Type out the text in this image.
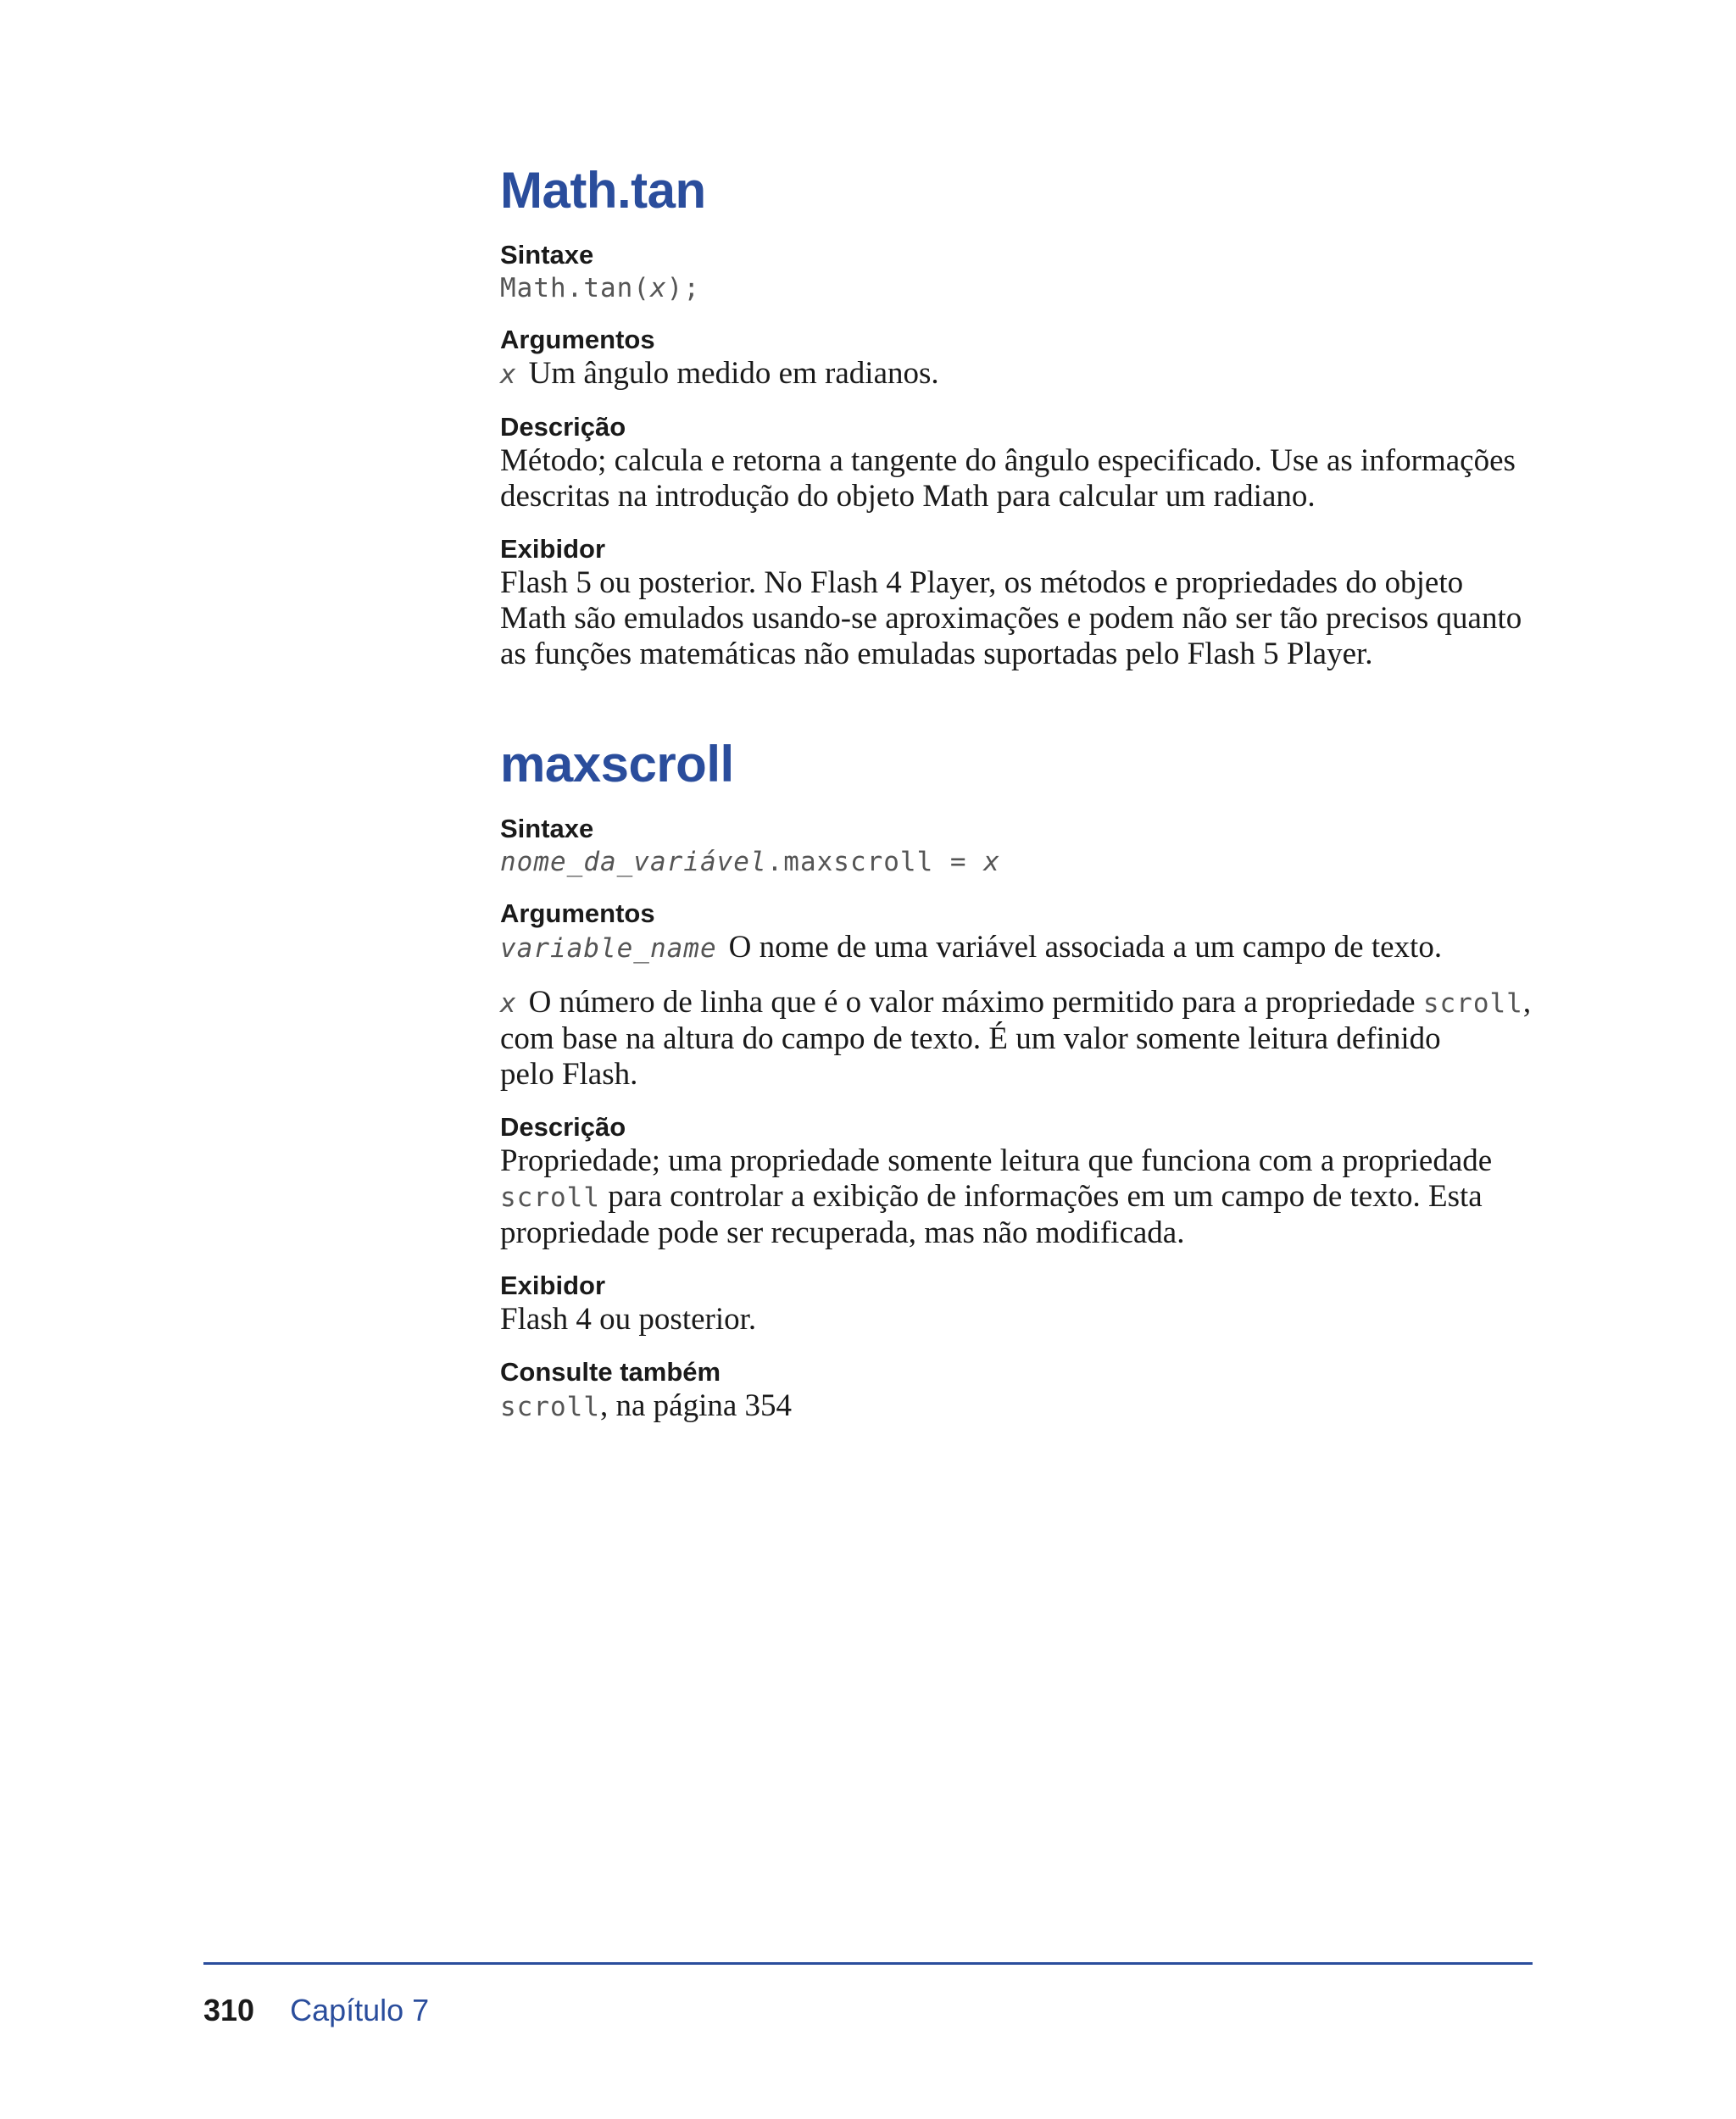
Math.tan

Sintaxe

Math.tan(x);

Argumentos

x Um ângulo medido em radianos.

Descrição

Método; calcula e retorna a tangente do ângulo especificado. Use as informações
descritas na introdução do objeto Math para calcular um radiano.

Exibidor

Flash 5 ou posterior. No Flash 4 Player, os métodos e propriedades do objeto
Math são emulados usando-se aproximações e podem não ser tão precisos quanto
as funções matemáticas não emuladas suportadas pelo Flash 5 Player.

maxscroll

Sintaxe

nome_da_variável.maxscroll = x

Argumentos

variable_name O nome de uma variável associada a um campo de texto.

x O número de linha que é o valor máximo permitido para a propriedade scroll,
com base na altura do campo de texto. É um valor somente leitura definido
pelo Flash.

Descrição

Propriedade; uma propriedade somente leitura que funciona com a propriedade
scroll para controlar a exibição de informações em um campo de texto. Esta
propriedade pode ser recuperada, mas não modificada.

Exibidor

Flash 4 ou posterior.

Consulte também

scroll, na página 354

310 Capítulo 7
